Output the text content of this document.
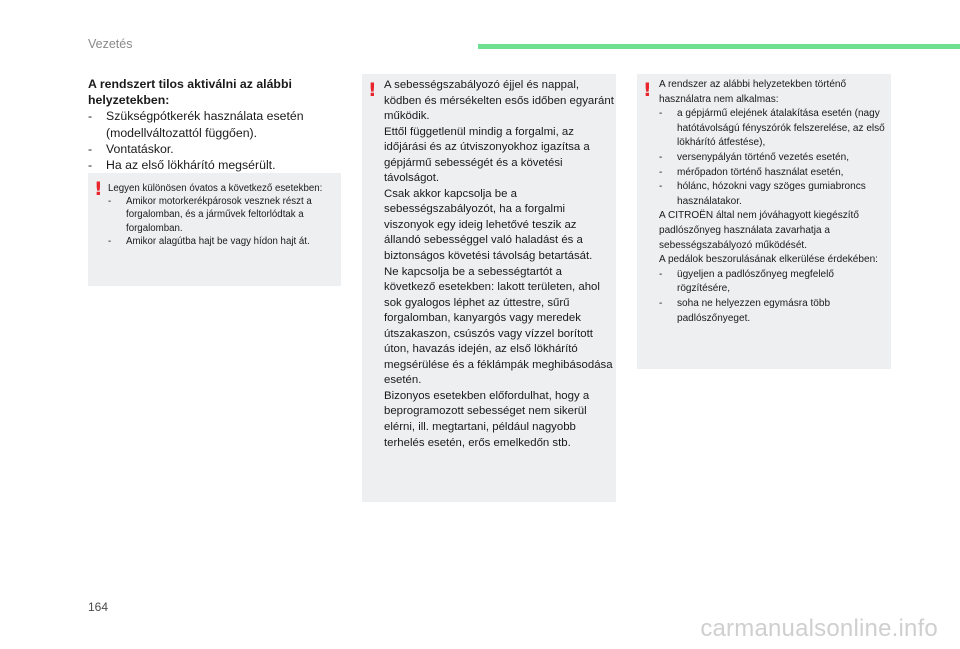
Vezetés

A rendszert tilos aktiválni az alábbi helyzetekben:

- Szükségpótkerék használata esetén (modellváltozattól függően).
- Vontatáskor.
- Ha az első lökhárító megsérült.
! Legyen különösen óvatos a következő esetekben:

- Amikor motorkerékpárosok vesznek részt a forgalomban, és a járművek feltorlódtak a forgalomban.
- Amikor alagútba hajt be vagy hídon hajt át.
! A sebességszabályozó éjjel és nappal, ködben és mérsékelten esős időben egyaránt működik.

Ettől függetlenül mindig a forgalmi, az időjárási és az útviszonyokhoz igazítsa a gépjármű sebességét és a követési távolságot.

Csak akkor kapcsolja be a sebességszabályozót, ha a forgalmi viszonyok egy ideig lehetővé teszik az állandó sebességgel való haladást és a biztonságos követési távolság betartását.

Ne kapcsolja be a sebességtartót a következő esetekben: lakott területen, ahol sok gyalogos léphet az úttestre, sűrű forgalomban, kanyargós vagy meredek útszakaszon, csúszós vagy vízzel borított úton, havazás idején, az első lökhárító megsérülése és a féklámpák meghibásodása esetén.

Bizonyos esetekben előfordulhat, hogy a beprogramozott sebességet nem sikerül elérni, ill. megtartani, például nagyobb terhelés esetén, erős emelkedőn stb.

! A rendszer az alábbi helyzetekben történő használatra nem alkalmas:

- a gépjármű elejének átalakítása esetén (nagy hatótávolságú fényszórók felszerelése, az első lökhárító átfestése),
- versenypályán történő vezetés esetén,
- mérőpadon történő használat esetén,
- hólánc, hózokni vagy szöges gumiabroncs használatakor.

A CITROËN által nem jóváhagyott kiegészítő padlószőnyeg használata zavarhatja a sebességszabályozó működését.

A pedálok beszorulásának elkerülése érdekében:

- ügyeljen a padlószőnyeg megfelelő rögzítésére,
- soha ne helyezzen egymásra több padlószőnyeget.
164
carmanualsonline.info
